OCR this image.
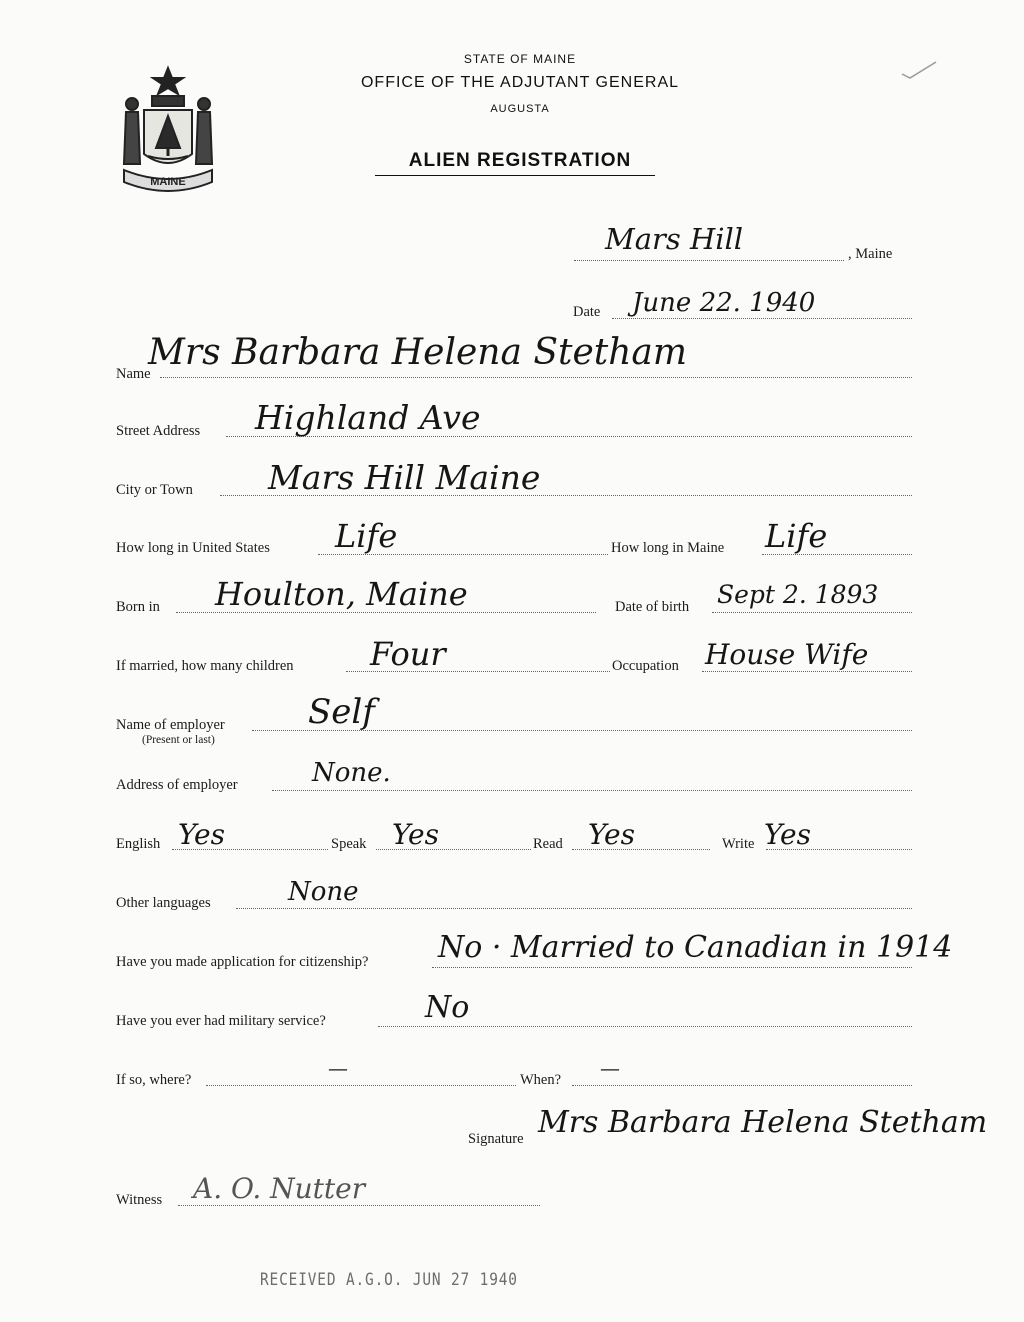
MAINE
STATE OF MAINE
OFFICE OF THE ADJUTANT GENERAL
AUGUSTA
ALIEN REGISTRATION
, Maine
Mars Hill
Date June 22. 1940
Name
Mrs Barbara Helena Stetham
Street Address Highland Ave
City or Town Mars Hill Maine
How long in United States Life	How long in Maine Life
Born in Houlton, Maine	Date of birth Sept 2. 1893
If married, how many children Four	Occupation House Wife
Name of employer
(Present or last)
Self
Address of employer	None.
English Yes	Speak Yes	Read Yes	Write Yes
Other languages	None
Have you made application for citizenship? No · Married to Canadian in 1914
Have you ever had military service?	No
If so, where?	—	When? —
Signature Mrs Barbara Helena Stetham
Witness A. O. Nutter
RECEIVED A.G.O. JUN 27 1940
